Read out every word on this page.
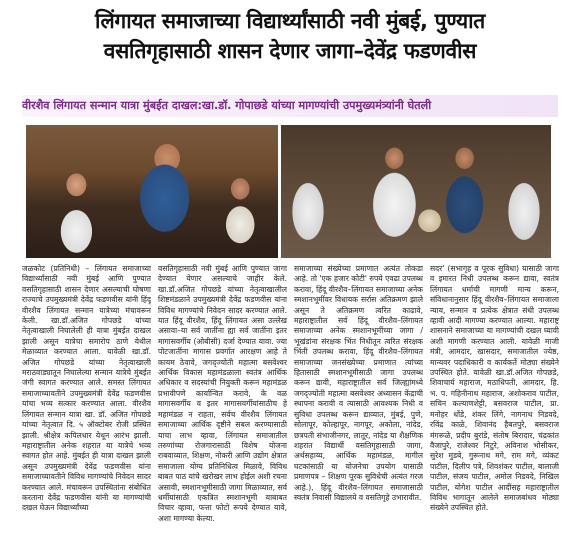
लिंगायत समाजाच्या विद्यार्थ्यांसाठी नवी मुंबई, पुण्यात
वसतिगृहासाठी शासन देणार जागा–देवेंद्र फडणवीस
वीरशैव लिंगायत सन्मान यात्रा मुंबईत दाखल:खा.डॉ. गोपाछडे यांच्या मागण्यांची उपमुख्यमंत्र्यांनी घेतली
जळकोट (प्रतिनिधी) – लिंगायत समाजाच्या विद्यार्थ्यांसाठी नवी मुंबई आणि पुण्यात वसतिगृहासाठी शासन देणार असल्याची घोषणा राज्याचे उपमुख्यमंत्री देवेंद्र फडणवीस यांनी हिंदू वीरशैव लिंगायत सन्मान यात्रेच्या मंचावरून केली. खा.डॉ.अजित गोपछडे यांच्या नेतृत्वाखाली निघालेली ही यात्रा मुंबईत दाखल झाली असून यात्रेचा समारोप ठाणे येथील मेळाव्यात करण्यात आला. यावेळी खा.डॉ. अजित गोपछडे यांच्या नेतृत्वाखाली मराठवाड्यातून निघालेल्या सन्मान यात्रेचे मुंबईत जंगी स्वागत करण्यात आले. समस्त लिंगायत समाजाच्यावतीने उपमुख्यमंत्री देवेंद्र फडणवीस यांचा भव्य सत्कार करण्यात आला. वीरशैव लिंगायत सन्मान यात्रा खा. डॉ. अजित गोपछडे यांच्या नेतृत्वात दि. ५ ऑक्टोबर रोजी प्रस्थित झाली. श्रीक्षेत्र कपिलधार येथून आरंभ झाली. महाराष्ट्रातील अनेक शहरात या यात्रेचे भव्य स्वागत होत आहे. मुंबईत ही यात्रा दाखल झाली असून उपमुख्यमंत्री देवेंद्र फडणवीस यांना समाजाच्यावतीने विविध मागण्यांचे निवेदन सादर करण्यात आले. मंचावरून उपस्थितांना संबोधित करताना देवेंद्र फडणवीस यांनी या मागण्यांची दखल घेऊन विद्यार्थ्यांच्या
वसतिगृहासाठी नवी मुंबई आणि पुण्यात जागा देण्यात येणार असल्याचे जाहीर केले. खा.डॉ.अजित गोपछडे यांच्या नेतृत्वाखालील शिष्टमंडळाने उपमुख्यमंत्री देवेंद्र फडणवीस यांना विविध मागण्यांचे निवेदन सादर करण्यात आले. यात हिंदू वीरशैव, हिंदू लिंगायत असा उल्लेख असावा–या सर्व जातींना ह्या सर्व जातींना इतर मागासवर्गीय (ओबीसी) दर्जा देण्यात यावा. ज्या पोटजातींना मागास प्रवर्गात आरक्षण आहे ते कायम ठेवावे, जगद्ज्योती महात्मा बसवेश्वर आर्थिक विकास महामंडळाला स्वतंत्र आर्थिक अधिकार व सदस्यांची नियुक्ती करून महामंडळ प्रभावीपणे कार्यान्वित करावे, के वळ मागासवर्गीय व इतर मागासवर्गीयांसाठीच हे महामंडळ न राहता, सर्वच वीरशैव लिंगायत समाजाच्या आर्थिक दृष्टीने सबल करण्यासाठी याचा लाभ व्हावा, लिंगायत समाजातील तरुणांच्या रोजगारासाठी विशेष योजना राबवाव्यात, शिक्षण, नोकरी आणि उद्योग क्षेत्रात समाजाला योग्य प्रतिनिधित्व मिळावे, विविध बाबत पाठ यांचे खरोखर लाभ होईल अशी रचना असावी, स्मशानभूमीसाठी जागा मिळाव्यात, सर्व धर्मीयांसाठी एकत्रित स्मशानभूमी याबाबत विचार व्हावा, फत्ता फोटो रूपये देण्यात यावे, अशा मागण्या केल्या.
समाजाच्या संख्येच्या प्रमाणात अत्यंत तोकडा आहे. तो 'एक हजार कोटी' रुपये एवढा उपलब्ध करावा, हिंदू वीरशैव–लिंगायत समाजाच्या अनेक स्मशानभूमींवर विधायक सर्रास अतिक्रमण झाले असून ते अतिक्रमण त्वरित काढावे, महाराष्ट्रातील सर्व हिंदू वीरशैव–लिंगायत समाजाच्या अनेक स्मशानभूमींच्या जागा /भूखंडांना संरक्षक भिंत निधीतून त्वरित संरक्षक भिंती उपलब्ध करावा, हिंदू वीरशैव–लिंगायत समाजाच्या जनसंख्येच्या प्रमाणात त्यांच्या हितासाठी स्मशानभूमीसाठी जागा उपलब्ध करून द्यावी, महाराष्ट्रातील सर्व जिल्ह्यांमध्ये जगद्ज्योती महात्मा बसवेश्वर अध्यासन केंद्राची स्थापना करावी व त्यासाठी आवश्यक निधी व सुविधा उपलब्ध करून द्याव्यात, मुंबई, पुणे, सोलापूर, कोल्हापूर, नागपूर, अकोला, नांदेड, छत्रपती संभाजीनगर, लातूर, नांदेड या शैक्षणिक शहरात विद्यार्थी वसतिगृहासाठी जागा, अर्थसहाय्य, आर्थिक महामंडळ, मागील घटकांसाठी या योजनेचा उपयोग यासाठी प्रमाणपत्र – शिक्षण पूरक सुविधेची अत्यंत गरज आहे.), हिंदू वीरशैव–लिंगायत समाजासाठी स्वतंत्र निवासी विद्यालये व वसतिगृहे उभारावीत.
सदर' (सभागृह व पूरक सुविधा) यासाठी जागा व इमारत निधी उपलब्ध करून द्यावा, स्वतंत्र लिंगायत धर्माची मागणी मान्य करून, संविधानानुसार हिंदू वीरशैव–लिंगायत समाजाला न्याय, सन्मान व प्रत्येक क्षेत्रात संधी उपलब्ध व्हावी आदी मागण्या करण्यात आल्या. महाराष्ट्र शासनाने समाजाच्या या मागण्यांची दखल घ्यावी अशी मागणी करण्यात आली. यावेळी माजी मंत्री, आमदार, खासदार, समाजातील ज्येष्ठ, मान्यवर पदाधिकारी व कार्यकर्ते मोठ्या संख्येने उपस्थित होते. यावेळी खा.डॉ.अजित गोपछडे, शिवाचार्य महाराज, मठाधिपती, आमदार, हि. भ. प. गहिनीनाथ महाराज, अशोकराव पाटील, सचिन कल्याणशेट्टी, बसवराज पाटील, प्रा. मनोहर धोंडे, शंकर लिंगे, नागनाथ निडवदे, रविंद्र काळे, शिवानंद हैबतपुरे, बसवराज मंगरूळे, प्रदीप बुरांडे, संतोष बिरादार, चंद्रकांत वैजापुरे, राजेश्वर निटुरे, अविनाश भोसीकर, सुरेश मुडबे, गुरूनाथ मगे, राम मगे, व्यंकट पाटील, दिलीप पत्रे, शिवशंकर पाटील, बालाजी पाटील, संजय पाटील, अमोल निडवदे, निखिल पाटील, योगेश पाटील आदींसह महाराष्ट्रातील विविध भागातून आलेले समाजबांधव मोठ्या संख्येने उपस्थित होते.
